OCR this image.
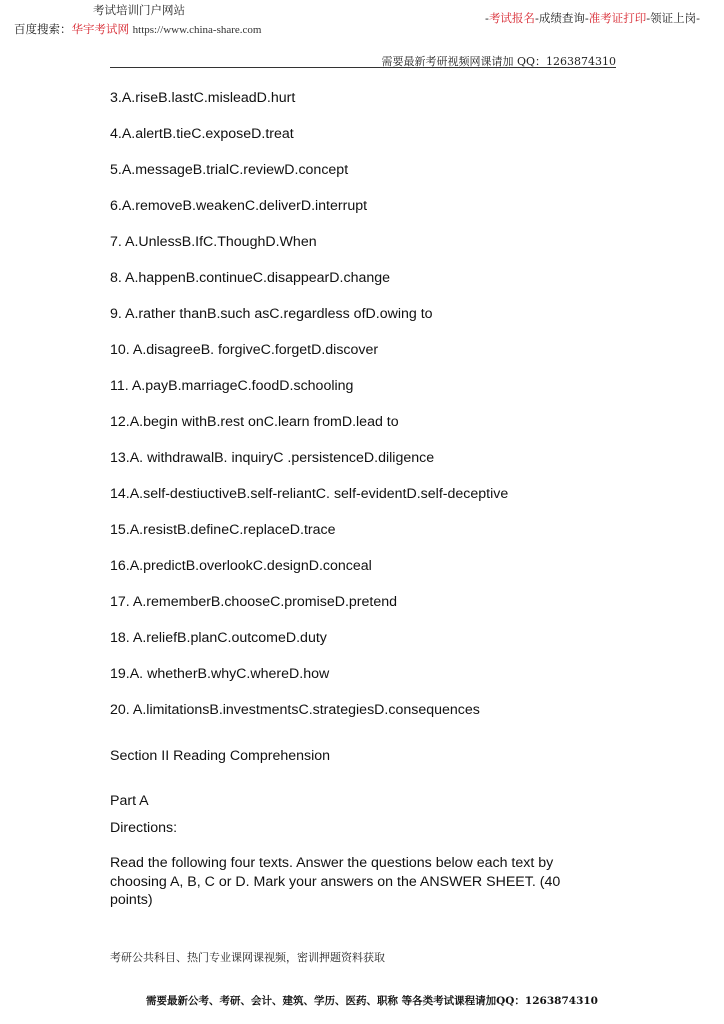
考试培训门户网站
百度搜索：华宇考试网 https://www.china-share.com
-考试报名-成绩查询-准考证打印-领证上岗-
需要最新考研视频网课请加 QQ：1263874310
3.A.riseB.lastC.misleadD.hurt
4.A.alertB.tieC.exposeD.treat
5.A.messageB.trialC.reviewD.concept
6.A.removeB.weakenC.deliverD.interrupt
7. A.UnlessB.IfC.ThoughD.When
8. A.happenB.continueC.disappearD.change
9. A.rather thanB.such asC.regardless ofD.owing to
10. A.disagreeB. forgiveC.forgetD.discover
11. A.payB.marriageC.foodD.schooling
12.A.begin withB.rest onC.learn fromD.lead to
13.A. withdrawalB. inquiryC .persistenceD.diligence
14.A.self-destiuctiveB.self-reliantC. self-evidentD.self-deceptive
15.A.resistB.defineC.replaceD.trace
16.A.predictB.overlookC.designD.conceal
17. A.rememberB.chooseC.promiseD.pretend
18. A.reliefB.planC.outcomeD.duty
19.A. whetherB.whyC.whereD.how
20. A.limitationsB.investmentsC.strategiesD.consequences
Section II Reading Comprehension
Part A
Directions:
Read the following four texts. Answer the questions below each text by choosing A, B, C or D. Mark your answers on the ANSWER SHEET. (40 points)
考研公共科目、热门专业课网课视频，密训押题资料获取
需要最新公考、考研、会计、建筑、学历、医药、职称 等各类考试课程请加QQ：1263874310
